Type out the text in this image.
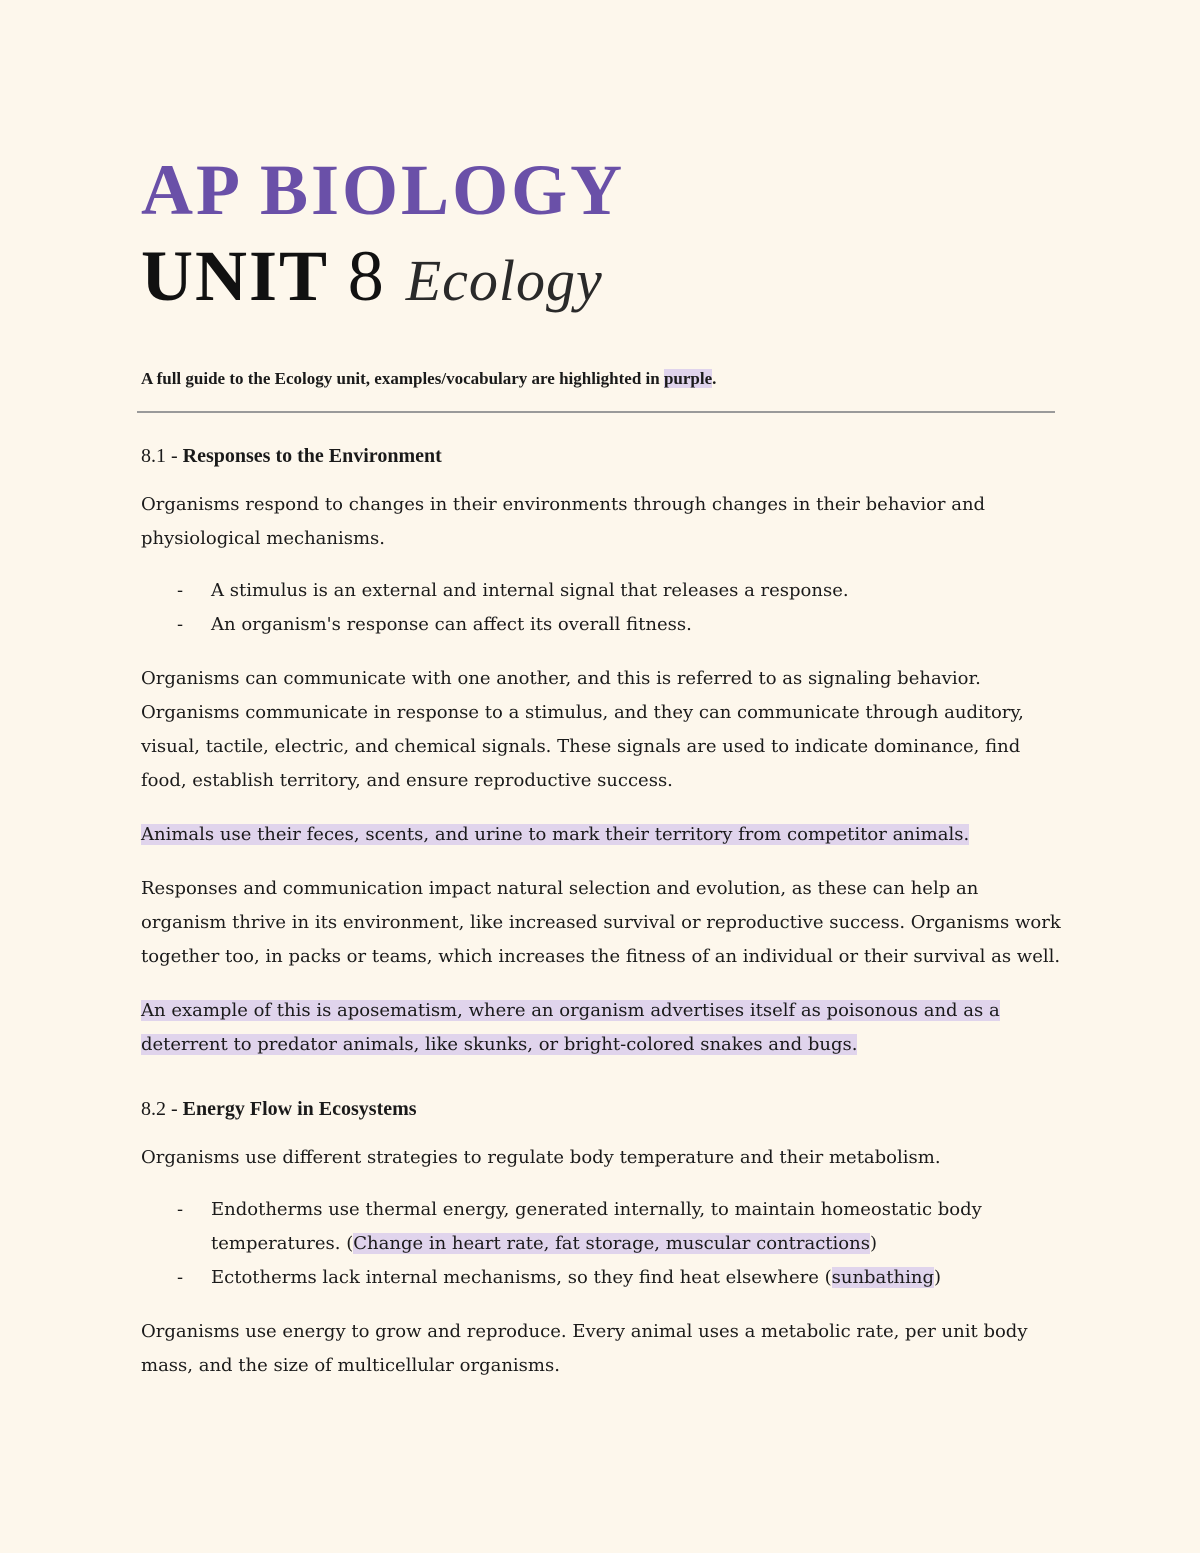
AP BIOLOGY
UNIT 8 Ecology
A full guide to the Ecology unit, examples/vocabulary are highlighted in purple.
8.1 - Responses to the Environment

Organisms respond to changes in their environments through changes in their behavior and physiological mechanisms.

- A stimulus is an external and internal signal that releases a response.
- An organism's response can affect its overall fitness.

Organisms can communicate with one another, and this is referred to as signaling behavior. Organisms communicate in response to a stimulus, and they can communicate through auditory, visual, tactile, electric, and chemical signals. These signals are used to indicate dominance, find food, establish territory, and ensure reproductive success.

Animals use their feces, scents, and urine to mark their territory from competitor animals.

Responses and communication impact natural selection and evolution, as these can help an organism thrive in its environment, like increased survival or reproductive success. Organisms work together too, in packs or teams, which increases the fitness of an individual or their survival as well.

An example of this is aposematism, where an organism advertises itself as poisonous and as a deterrent to predator animals, like skunks, or bright-colored snakes and bugs.

8.2 - Energy Flow in Ecosystems

Organisms use different strategies to regulate body temperature and their metabolism.

- Endotherms use thermal energy, generated internally, to maintain homeostatic body temperatures. (Change in heart rate, fat storage, muscular contractions)
- Ectotherms lack internal mechanisms, so they find heat elsewhere (sunbathing)

Organisms use energy to grow and reproduce. Every animal uses a metabolic rate, per unit body mass, and the size of multicellular organisms.
